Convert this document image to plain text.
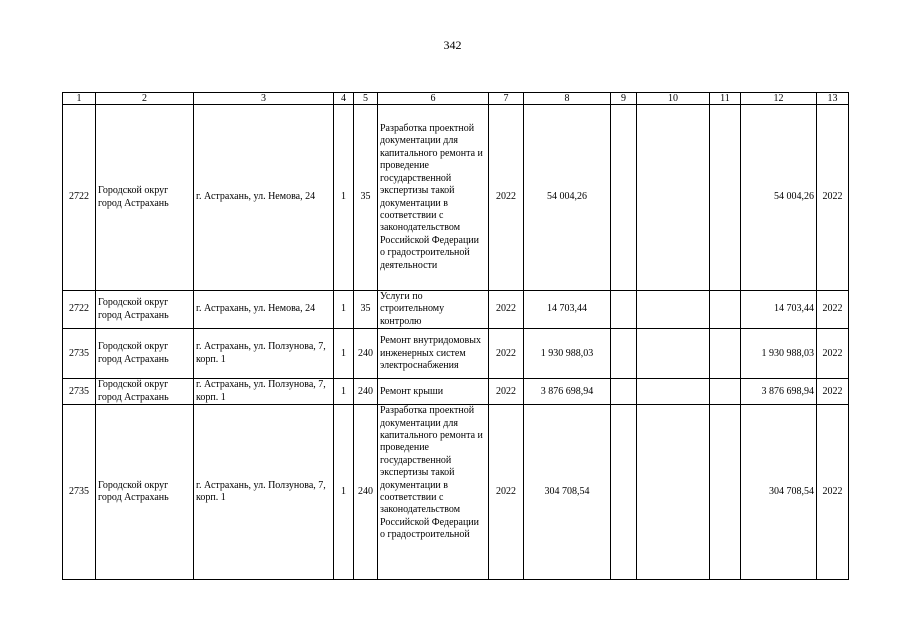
342
1	2	3	4	5	6	7	8	9	10	11	12	13
2722	Городской округ город Астрахань	г. Астрахань, ул. Немова, 24	1	35	Разработка проектной документации для капитального ремонта и проведение государственной экспертизы такой документации в соответствии с законодательством Российской Федерации о градостроительной деятельности	2022	54 004,26				54 004,26	2022
2722	Городской округ город Астрахань	г. Астрахань, ул. Немова, 24	1	35	Услуги по строительному контролю	2022	14 703,44				14 703,44	2022
2735	Городской округ город Астрахань	г. Астрахань, ул. Ползунова, 7, корп. 1	1	240	Ремонт внутридомовых инженерных систем электроснабжения	2022	1 930 988,03				1 930 988,03	2022
2735	Городской округ город Астрахань	г. Астрахань, ул. Ползунова, 7, корп. 1	1	240	Ремонт крыши	2022	3 876 698,94				3 876 698,94	2022
2735	Городской округ город Астрахань	г. Астрахань, ул. Ползунова, 7, корп. 1	1	240	Разработка проектной документации для капитального ремонта и проведение государственной экспертизы такой документации в соответствии с законодательством Российской Федерации о градостроительной	2022	304 708,54				304 708,54	2022
